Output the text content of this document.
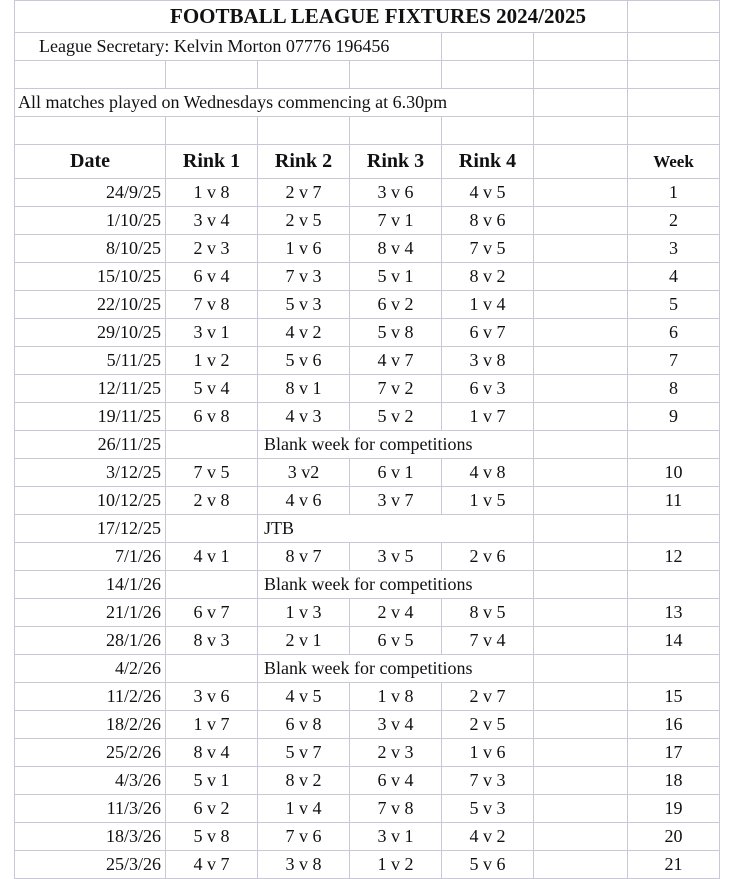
	FOOTBALL LEAGUE FIXTURES 2024/2025					
League Secretary: Kelvin Morton 07776 196456						

All matches played on Wednesdays commencing at 6.30pm						

Date	Rink 1	Rink 2	Rink 3	Rink 4		Week
24/9/25	1 v 8	2 v 7	3 v 6	4 v 5		1
1/10/25	3 v 4	2 v 5	7 v 1	8 v 6		2
8/10/25	2 v 3	1 v 6	8 v 4	7 v 5		3
15/10/25	6 v 4	7 v 3	5 v 1	8 v 2		4
22/10/25	7 v 8	5 v 3	6 v 2	1 v 4		5
29/10/25	3 v 1	4 v 2	5 v 8	6 v 7		6
5/11/25	1 v 2	5 v 6	4 v 7	3 v 8		7
12/11/25	5 v 4	8 v 1	7 v 2	6 v 3		8
19/11/25	6 v 8	4 v 3	5 v 2	1 v 7		9
26/11/25		Blank week for competitions				
3/12/25	7 v 5	3 v2	6 v 1	4 v 8		10
10/12/25	2 v 8	4 v 6	3 v 7	1 v 5		11
17/12/25		JTB				
7/1/26	4 v 1	8 v 7	3 v 5	2 v 6		12
14/1/26		Blank week for competitions				
21/1/26	6 v 7	1 v 3	2 v 4	8 v 5		13
28/1/26	8 v 3	2 v 1	6 v 5	7 v 4		14
4/2/26		Blank week for competitions				
11/2/26	3 v 6	4 v 5	1 v 8	2 v 7		15
18/2/26	1 v 7	6 v 8	3 v 4	2 v 5		16
25/2/26	8 v 4	5 v 7	2 v 3	1 v 6		17
4/3/26	5 v 1	8 v 2	6 v 4	7 v 3		18
11/3/26	6 v 2	1 v 4	7 v 8	5 v 3		19
18/3/26	5 v 8	7 v 6	3 v 1	4 v 2		20
25/3/26	4 v 7	3 v 8	1 v 2	5 v 6		21
